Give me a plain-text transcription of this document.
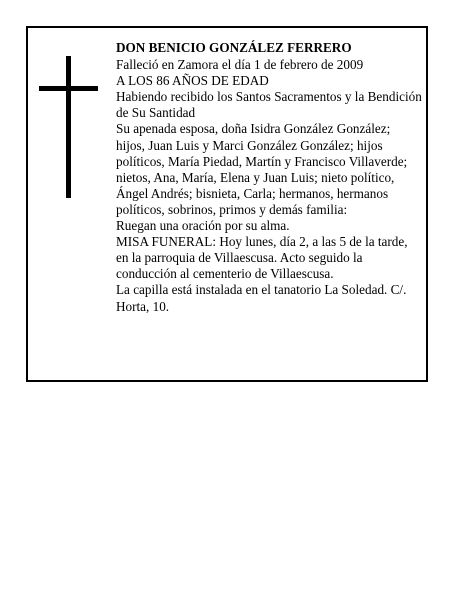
DON BENICIO GONZÁLEZ FERRERO

Falleció en Zamora el día 1 de febrero de 2009

A LOS 86 AÑOS DE EDAD

Habiendo recibido los Santos Sacramentos y la Bendición de Su Santidad

Su apenada esposa, doña Isidra González González; hijos, Juan Luis y Marci González González; hijos políticos, María Piedad, Martín y Francisco Villaverde; nietos, Ana, María, Elena y Juan Luis; nieto político, Ángel Andrés; bisnieta, Carla; hermanos, hermanos políticos, sobrinos, primos y demás familia:

Ruegan una oración por su alma.

MISA FUNERAL: Hoy lunes, día 2, a las 5 de la tarde, en la parroquia de Villaescusa. Acto seguido la conducción al cementerio de Villaescusa.

La capilla está instalada en el tanatorio La Soledad. C/. Horta, 10.
